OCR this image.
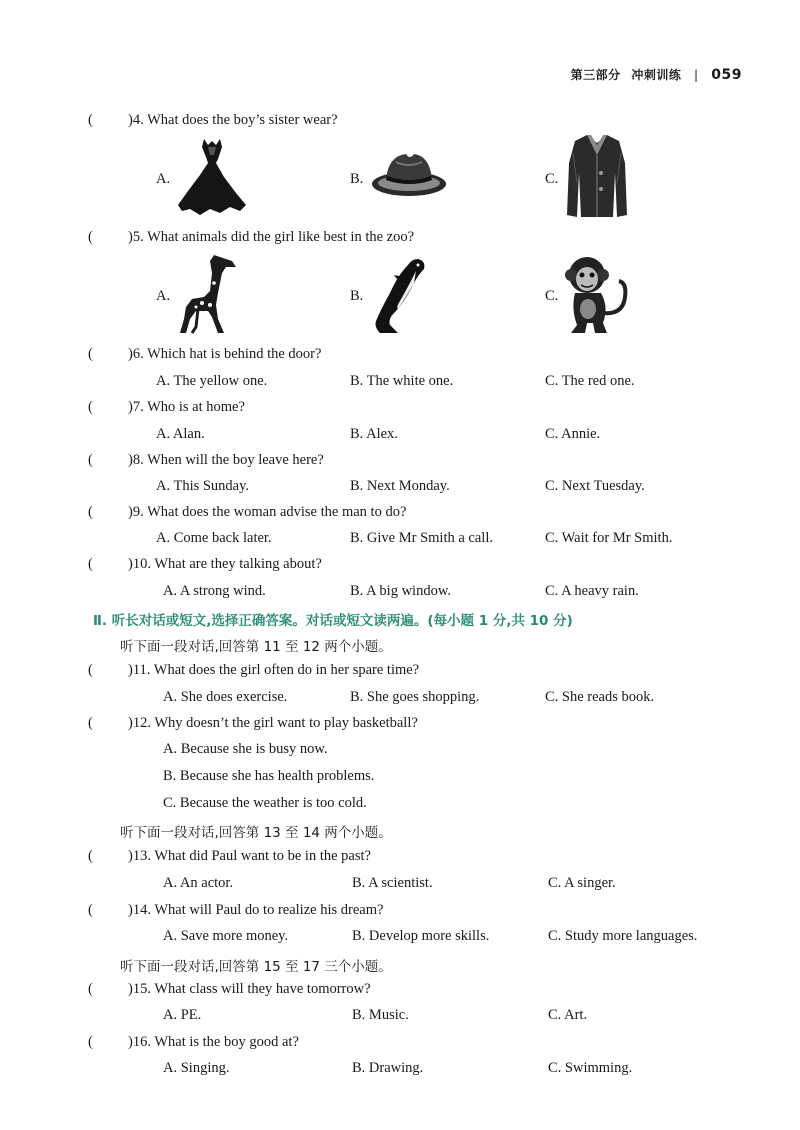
第三部分 冲刺训练 | 059
( )4. What does the boy’s sister wear?
A.	B.	C.
( )5. What animals did the girl like best in the zoo?
A.	B.	C.
( )6. Which hat is behind the door?
A. The yellow one.	B. The white one.	C. The red one.
( )7. Who is at home?
A. Alan.	B. Alex.	C. Annie.
( )8. When will the boy leave here?
A. This Sunday.	B. Next Monday.	C. Next Tuesday.
( )9. What does the woman advise the man to do?
A. Come back later.	B. Give Mr Smith a call.	C. Wait for Mr Smith.
( )10. What are they talking about?
A. A strong wind.	B. A big window.	C. A heavy rain.
Ⅱ. 听长对话或短文,选择正确答案。对话或短文读两遍。(每小题 1 分,共 10 分)
听下面一段对话,回答第 11 至 12 两个小题。
( )11. What does the girl often do in her spare time?
A. She does exercise.	B. She goes shopping.	C. She reads book.
( )12. Why doesn’t the girl want to play basketball?
A. Because she is busy now.
B. Because she has health problems.
C. Because the weather is too cold.
听下面一段对话,回答第 13 至 14 两个小题。
( )13. What did Paul want to be in the past?
A. An actor.	B. A scientist.	C. A singer.
( )14. What will Paul do to realize his dream?
A. Save more money.	B. Develop more skills.	C. Study more languages.
听下面一段对话,回答第 15 至 17 三个小题。
( )15. What class will they have tomorrow?
A. PE.	B. Music.	C. Art.
( )16. What is the boy good at?
A. Singing.	B. Drawing.	C. Swimming.
